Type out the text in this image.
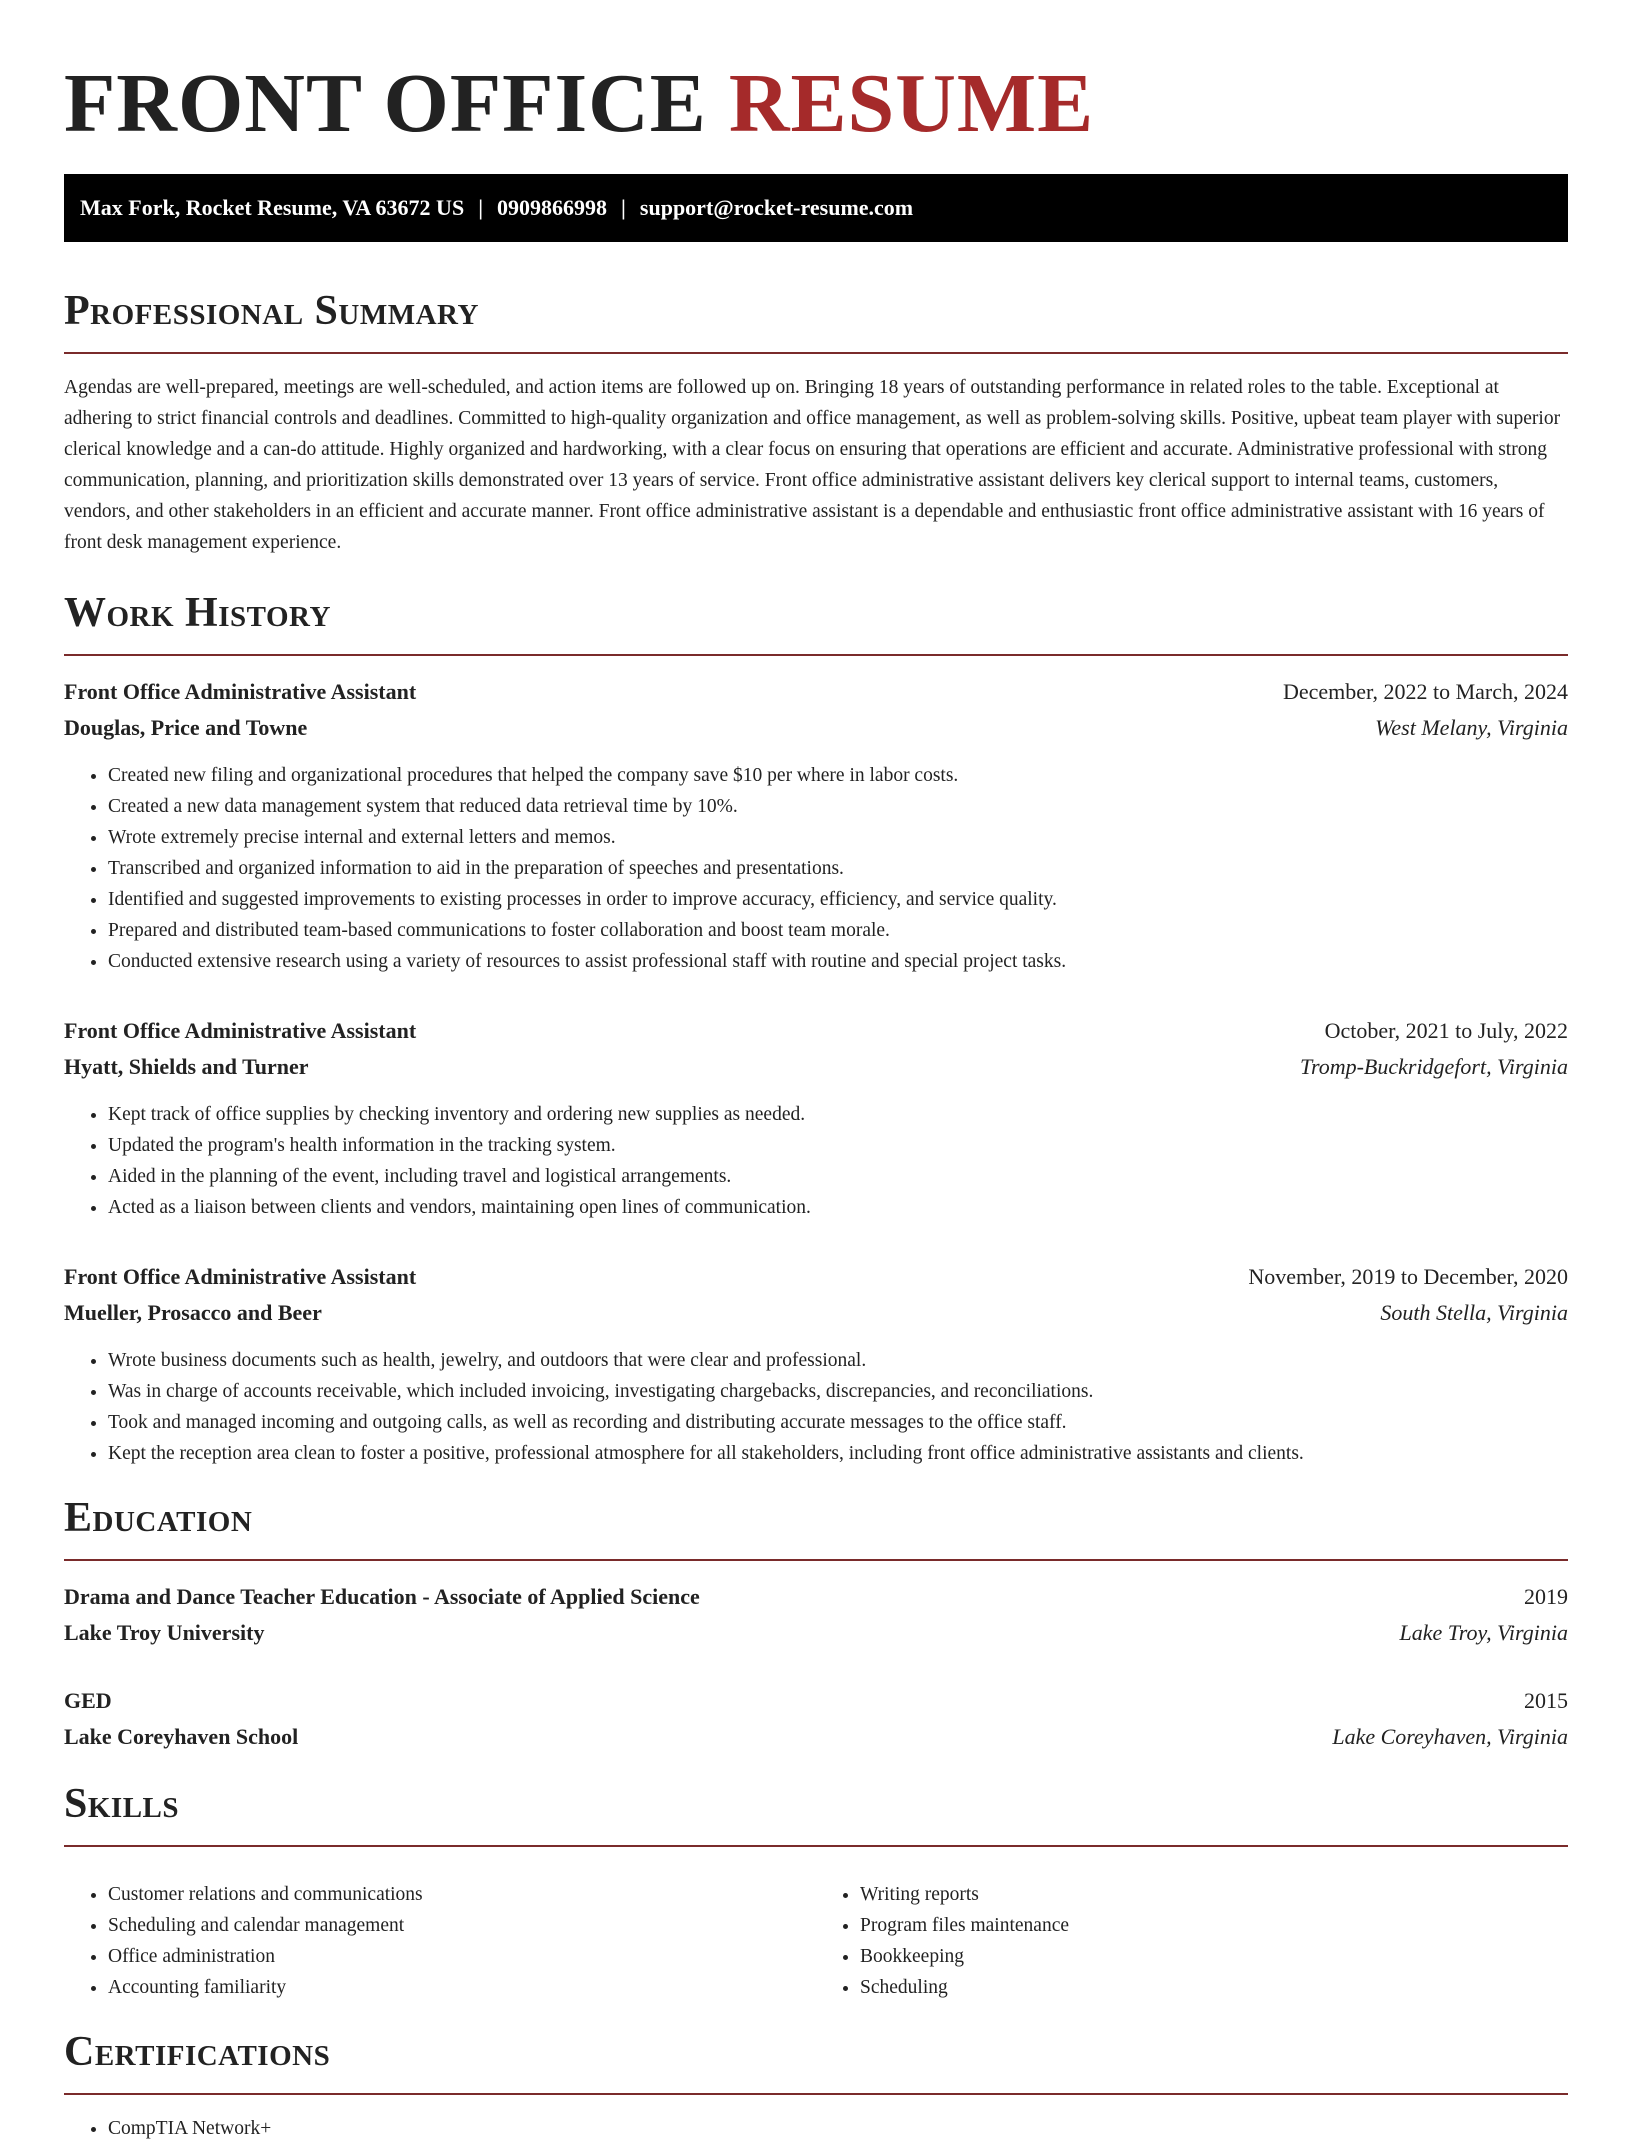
FRONT OFFICE RESUME
Max Fork, Rocket Resume, VA 63672 US | 0909866998 | support@rocket-resume.com
Professional Summary

Agendas are well-prepared, meetings are well-scheduled, and action items are followed up on. Bringing 18 years of outstanding performance in related roles to the table. Exceptional at adhering to strict financial controls and deadlines. Committed to high-quality organization and office management, as well as problem-solving skills. Positive, upbeat team player with superior clerical knowledge and a can-do attitude. Highly organized and hardworking, with a clear focus on ensuring that operations are efficient and accurate. Administrative professional with strong communication, planning, and prioritization skills demonstrated over 13 years of service. Front office administrative assistant delivers key clerical support to internal teams, customers, vendors, and other stakeholders in an efficient and accurate manner. Front office administrative assistant is a dependable and enthusiastic front office administrative assistant with 16 years of front desk management experience.

Work History
Front Office Administrative Assistant	December, 2022 to March, 2024
Douglas, Price and Towne	West Melany, Virginia
• Created new filing and organizational procedures that helped the company save $10 per where in labor costs.
• Created a new data management system that reduced data retrieval time by 10%.
• Wrote extremely precise internal and external letters and memos.
• Transcribed and organized information to aid in the preparation of speeches and presentations.
• Identified and suggested improvements to existing processes in order to improve accuracy, efficiency, and service quality.
• Prepared and distributed team-based communications to foster collaboration and boost team morale.
• Conducted extensive research using a variety of resources to assist professional staff with routine and special project tasks.
Front Office Administrative Assistant	October, 2021 to July, 2022
Hyatt, Shields and Turner	Tromp-Buckridgefort, Virginia
• Kept track of office supplies by checking inventory and ordering new supplies as needed.
• Updated the program's health information in the tracking system.
• Aided in the planning of the event, including travel and logistical arrangements.
• Acted as a liaison between clients and vendors, maintaining open lines of communication.
Front Office Administrative Assistant	November, 2019 to December, 2020
Mueller, Prosacco and Beer	South Stella, Virginia
• Wrote business documents such as health, jewelry, and outdoors that were clear and professional.
• Was in charge of accounts receivable, which included invoicing, investigating chargebacks, discrepancies, and reconciliations.
• Took and managed incoming and outgoing calls, as well as recording and distributing accurate messages to the office staff.
• Kept the reception area clean to foster a positive, professional atmosphere for all stakeholders, including front office administrative assistants and clients.
Education
Drama and Dance Teacher Education - Associate of Applied Science	2019
Lake Troy University	Lake Troy, Virginia
GED	2015
Lake Coreyhaven School	Lake Coreyhaven, Virginia
Skills
• Customer relations and communications
• Scheduling and calendar management
• Office administration
• Accounting familiarity
• Writing reports
• Program files maintenance
• Bookkeeping
• Scheduling
Certifications
• CompTIA Network+
